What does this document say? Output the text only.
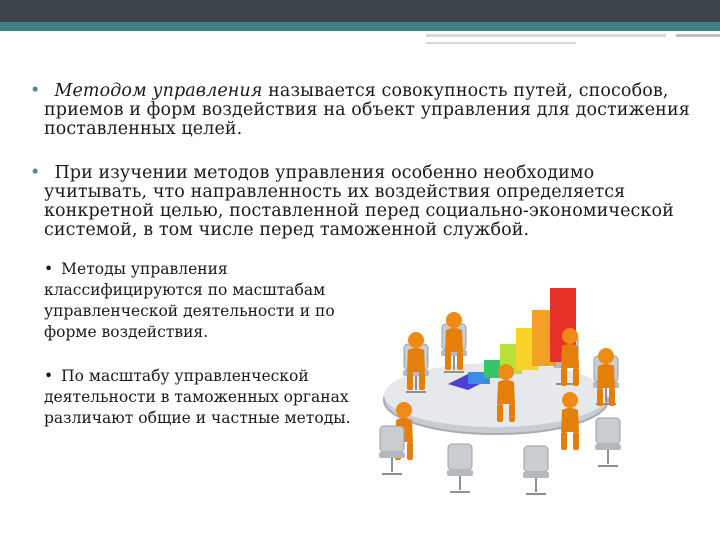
• Методом управления называется совокупность путей, способов, приемов и форм воздействия на объект управления для достижения поставленных целей.
• При изучении методов управления особенно необходимо учитывать, что направленность их воздействия определяется конкретной целью, поставленной перед социально-экономической системой, в том числе перед таможенной службой.
• Методы управления классифицируются по масштабам управленческой деятельности и по форме воздействия.
• По масштабу управленческой деятельности в таможенных органах различают общие и частные методы.
